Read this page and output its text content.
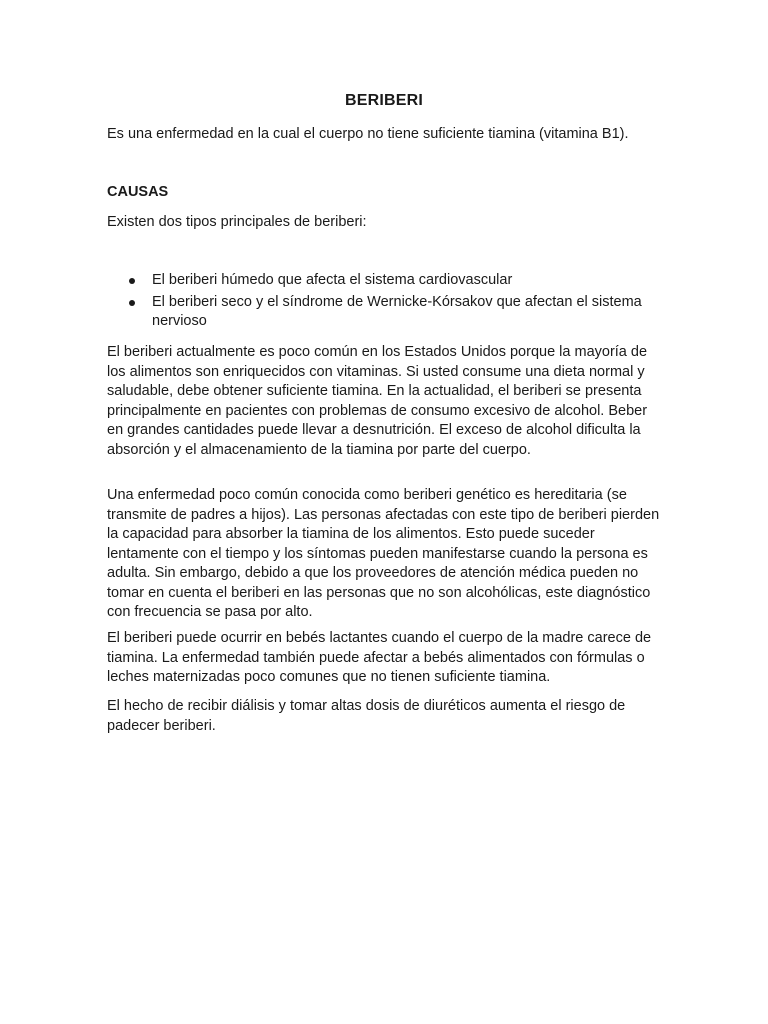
BERIBERI

Es una enfermedad en la cual el cuerpo no tiene suficiente tiamina (vitamina B1).

CAUSAS

Existen dos tipos principales de beriberi:

El beriberi húmedo que afecta el sistema cardiovascular
El beriberi seco y el síndrome de Wernicke-Kórsakov que afectan el sistema nervioso

El beriberi actualmente es poco común en los Estados Unidos porque la mayoría de los alimentos son enriquecidos con vitaminas. Si usted consume una dieta normal y saludable, debe obtener suficiente tiamina. En la actualidad, el beriberi se presenta principalmente en pacientes con problemas de consumo excesivo de alcohol. Beber en grandes cantidades puede llevar a desnutrición. El exceso de alcohol dificulta la absorción y el almacenamiento de la tiamina por parte del cuerpo.

Una enfermedad poco común conocida como beriberi genético es hereditaria (se transmite de padres a hijos). Las personas afectadas con este tipo de beriberi pierden la capacidad para absorber la tiamina de los alimentos. Esto puede suceder lentamente con el tiempo y los síntomas pueden manifestarse cuando la persona es adulta. Sin embargo, debido a que los proveedores de atención médica pueden no tomar en cuenta el beriberi en las personas que no son alcohólicas, este diagnóstico con frecuencia se pasa por alto.

El beriberi puede ocurrir en bebés lactantes cuando el cuerpo de la madre carece de tiamina. La enfermedad también puede afectar a bebés alimentados con fórmulas o leches maternizadas poco comunes que no tienen suficiente tiamina.

El hecho de recibir diálisis y tomar altas dosis de diuréticos aumenta el riesgo de padecer beriberi.
